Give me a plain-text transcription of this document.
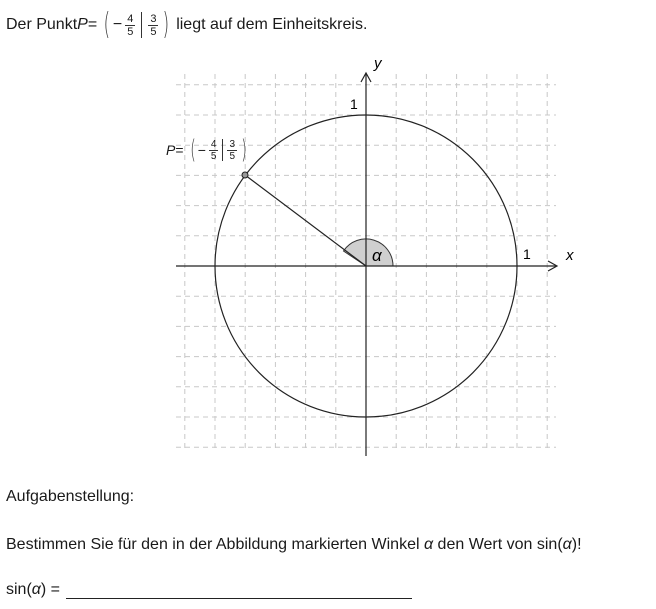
Der Punkt P = ( − $\frac{4}{5} \frac{3}{5}$ ) liegt auf dem Einheitskreis.
y
x
1
1
α
P = ( − $\frac{4}{5} \frac{3}{5}$ )
Aufgabenstellung:
Bestimmen Sie für den in der Abbildung markierten Winkel α den Wert von sin(α)!
sin( α ) =
